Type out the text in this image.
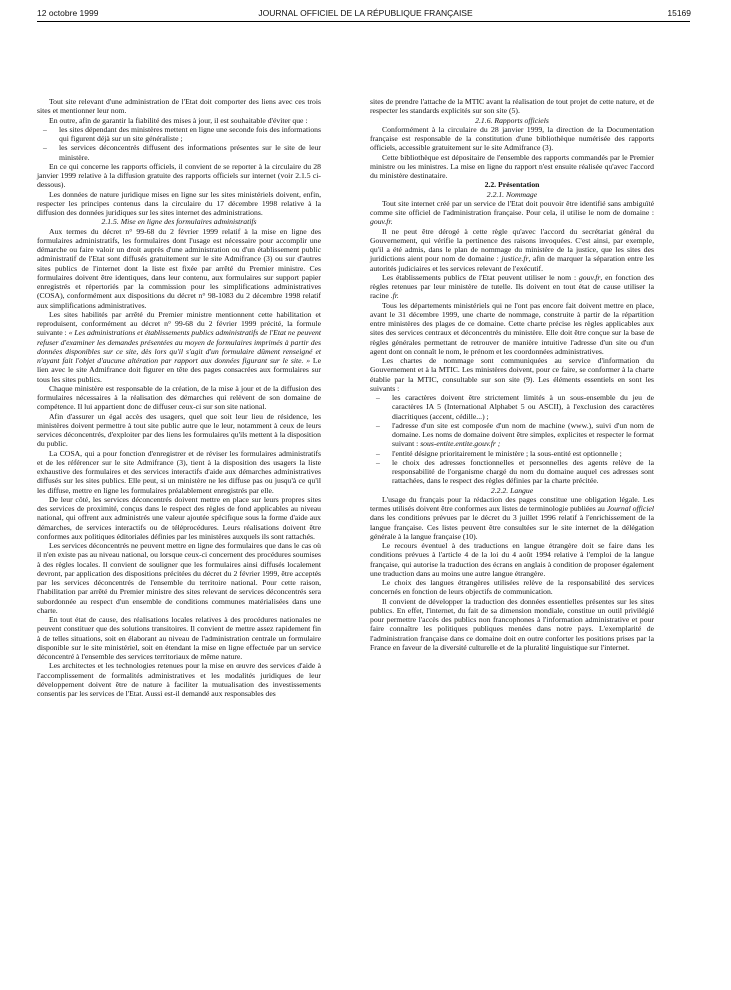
12 octobre 1999	JOURNAL OFFICIEL DE LA RÉPUBLIQUE FRANÇAISE	15169

Tout site relevant d'une administration de l'Etat doit comporter des liens avec ces trois sites et mentionner leur nom.

En outre, afin de garantir la fiabilité des mises à jour, il est souhaitable d'éviter que :

– les sites dépendant des ministères mettent en ligne une seconde fois des informations qui figurent déjà sur un site généraliste ;
– les services déconcentrés diffusent des informations présentes sur le site de leur ministère.

En ce qui concerne les rapports officiels, il convient de se reporter à la circulaire du 28 janvier 1999 relative à la diffusion gratuite des rapports officiels sur internet (voir 2.1.5 ci-dessous).

Les données de nature juridique mises en ligne sur les sites ministériels doivent, enfin, respecter les principes contenus dans la circulaire du 17 décembre 1998 relative à la diffusion des données juridiques sur les sites internet des administrations.

2.1.5. Mise en ligne des formulaires administratifs

Aux termes du décret n° 99-68 du 2 février 1999 relatif à la mise en ligne des formulaires administratifs, les formulaires dont l'usage est nécessaire pour accomplir une démarche ou faire valoir un droit auprès d'une administration ou d'un établissement public administratif de l'Etat sont diffusés gratuitement sur le site Admifrance (3) ou sur d'autres sites publics de l'internet dont la liste est fixée par arrêté du Premier ministre. Ces formulaires doivent être identiques, dans leur contenu, aux formulaires sur support papier enregistrés et répertoriés par la commission pour les simplifications administratives (COSA), conformément aux dispositions du décret n° 98-1083 du 2 décembre 1998 relatif aux simplifications administratives.

Les sites habilités par arrêté du Premier ministre mentionnent cette habilitation et reproduisent, conformément au décret n° 99-68 du 2 février 1999 précité, la formule suivante : « Les administrations et établissements publics administratifs de l'Etat ne peuvent refuser d'examiner les demandes présentées au moyen de formulaires imprimés à partir des données disponibles sur ce site, dès lors qu'il s'agit d'un formulaire dûment renseigné et n'ayant fait l'objet d'aucune altération par rapport aux données figurant sur le site. » Le lien avec le site Admifrance doit figurer en tête des pages consacrées aux formulaires sur tous les sites publics.

Chaque ministère est responsable de la création, de la mise à jour et de la diffusion des formulaires nécessaires à la réalisation des démarches qui relèvent de son domaine de compétence. Il lui appartient donc de diffuser ceux-ci sur son site national.

Afin d'assurer un égal accès des usagers, quel que soit leur lieu de résidence, les ministères doivent permettre à tout site public autre que le leur, notamment à ceux de leurs services déconcentrés, d'exploiter par des liens les formulaires qu'ils mettent à la disposition du public.

La COSA, qui a pour fonction d'enregistrer et de réviser les formulaires administratifs et de les référencer sur le site Admifrance (3), tient à la disposition des usagers la liste exhaustive des formulaires et des services interactifs d'aide aux démarches administratives diffusés sur les sites publics. Elle peut, si un ministère ne les diffuse pas ou jusqu'à ce qu'il les diffuse, mettre en ligne les formulaires préalablement enregistrés par elle.

De leur côté, les services déconcentrés doivent mettre en place sur leurs propres sites des services de proximité, conçus dans le respect des règles de fond applicables au niveau national, qui offrent aux administrés une valeur ajoutée spécifique sous la forme d'aide aux démarches, de services interactifs ou de téléprocédures. Leurs réalisations doivent être conformes aux politiques éditoriales définies par les ministères auxquels ils sont rattachés.

Les services déconcentrés ne peuvent mettre en ligne des formulaires que dans le cas où il n'en existe pas au niveau national, ou lorsque ceux-ci concernent des procédures soumises à des règles locales. Il convient de souligner que les formulaires ainsi diffusés localement devront, par application des dispositions précitées du décret du 2 février 1999, être acceptés par les services déconcentrés de l'ensemble du territoire national. Pour cette raison, l'habilitation par arrêté du Premier ministre des sites relevant de services déconcentrés sera subordonnée au respect d'un ensemble de conditions communes matérialisées dans une charte.

En tout état de cause, des réalisations locales relatives à des procédures nationales ne peuvent constituer que des solutions transitoires. Il convient de mettre assez rapidement fin à de telles situations, soit en élaborant au niveau de l'administration centrale un formulaire disponible sur le site ministériel, soit en étendant la mise en ligne effectuée par un service déconcentré à l'ensemble des services territoriaux de même nature.

Les architectes et les technologies retenues pour la mise en œuvre des services d'aide à l'accomplissement de formalités administratives et les modalités juridiques de leur développement doivent être de nature à faciliter la mutualisation des investissements consentis par les services de l'Etat. Aussi est-il demandé aux responsables des

sites de prendre l'attache de la MTIC avant la réalisation de tout projet de cette nature, et de respecter les standards explicités sur son site (5).

2.1.6. Rapports officiels

Conformément à la circulaire du 28 janvier 1999, la direction de la Documentation française est responsable de la constitution d'une bibliothèque numérisée des rapports officiels, accessible gratuitement sur le site Admifrance (3).

Cette bibliothèque est dépositaire de l'ensemble des rapports commandés par le Premier ministre ou les ministres. La mise en ligne du rapport n'est ensuite réalisée qu'avec l'accord du ministère destinataire.

2.2. Présentation

2.2.1. Nommage

Tout site internet créé par un service de l'Etat doit pouvoir être identifié sans ambiguïté comme site officiel de l'administration française. Pour cela, il utilise le nom de domaine : gouv.fr.

Il ne peut être dérogé à cette règle qu'avec l'accord du secrétariat général du Gouvernement, qui vérifie la pertinence des raisons invoquées. C'est ainsi, par exemple, qu'il a été admis, dans le plan de nommage du ministère de la justice, que les sites des juridictions aient pour nom de domaine : justice.fr, afin de marquer la séparation entre les autorités judiciaires et les services relevant de l'exécutif.

Les établissements publics de l'Etat peuvent utiliser le nom : gouv.fr, en fonction des règles retenues par leur ministère de tutelle. Ils doivent en tout état de cause utiliser la racine .fr.

Tous les départements ministériels qui ne l'ont pas encore fait doivent mettre en place, avant le 31 décembre 1999, une charte de nommage, construite à partir de la répartition entre ministères des plages de ce domaine. Cette charte précise les règles applicables aux sites des services centraux et déconcentrés du ministère. Elle doit être conçue sur la base de règles générales permettant de retrouver de manière intuitive l'adresse d'un site ou d'un agent dont on connaît le nom, le prénom et les coordonnées administratives.

Les chartes de nommage sont communiquées au service d'information du Gouvernement et à la MTIC. Les ministères doivent, pour ce faire, se conformer à la charte établie par la MTIC, consultable sur son site (9). Les éléments essentiels en sont les suivants :

– les caractères doivent être strictement limités à un sous-ensemble du jeu de caractères IA 5 (International Alphabet 5 ou ASCII), à l'exclusion des caractères diacritiques (accent, cédille...) ;
– l'adresse d'un site est composée d'un nom de machine (www.), suivi d'un nom de domaine. Les noms de domaine doivent être simples, explicites et respecter le format suivant : sous-entite.entite.gouv.fr ;
– l'entité désigne prioritairement le ministère ; la sous-entité est optionnelle ;
– le choix des adresses fonctionnelles et personnelles des agents relève de la responsabilité de l'organisme chargé du nom du domaine auquel ces adresses sont rattachées, dans le respect des règles définies par la charte précitée.

2.2.2. Langue

L'usage du français pour la rédaction des pages constitue une obligation légale. Les termes utilisés doivent être conformes aux listes de terminologie publiées au Journal officiel dans les conditions prévues par le décret du 3 juillet 1996 relatif à l'enrichissement de la langue française. Ces listes peuvent être consultées sur le site internet de la délégation générale à la langue française (10).

Le recours éventuel à des traductions en langue étrangère doit se faire dans les conditions prévues à l'article 4 de la loi du 4 août 1994 relative à l'emploi de la langue française, qui autorise la traduction des écrans en anglais à condition de proposer également une traduction dans au moins une autre langue étrangère.

Le choix des langues étrangères utilisées relève de la responsabilité des services concernés en fonction de leurs objectifs de communication.

Il convient de développer la traduction des données essentielles présentes sur les sites publics. En effet, l'internet, du fait de sa dimension mondiale, constitue un outil privilégié pour permettre l'accès des publics non francophones à l'information administrative et pour faire connaître les politiques publiques menées dans notre pays. L'exemplarité de l'administration française dans ce domaine doit en outre conforter les positions prises par la France en faveur de la diversité culturelle et de la pluralité linguistique sur l'internet.
